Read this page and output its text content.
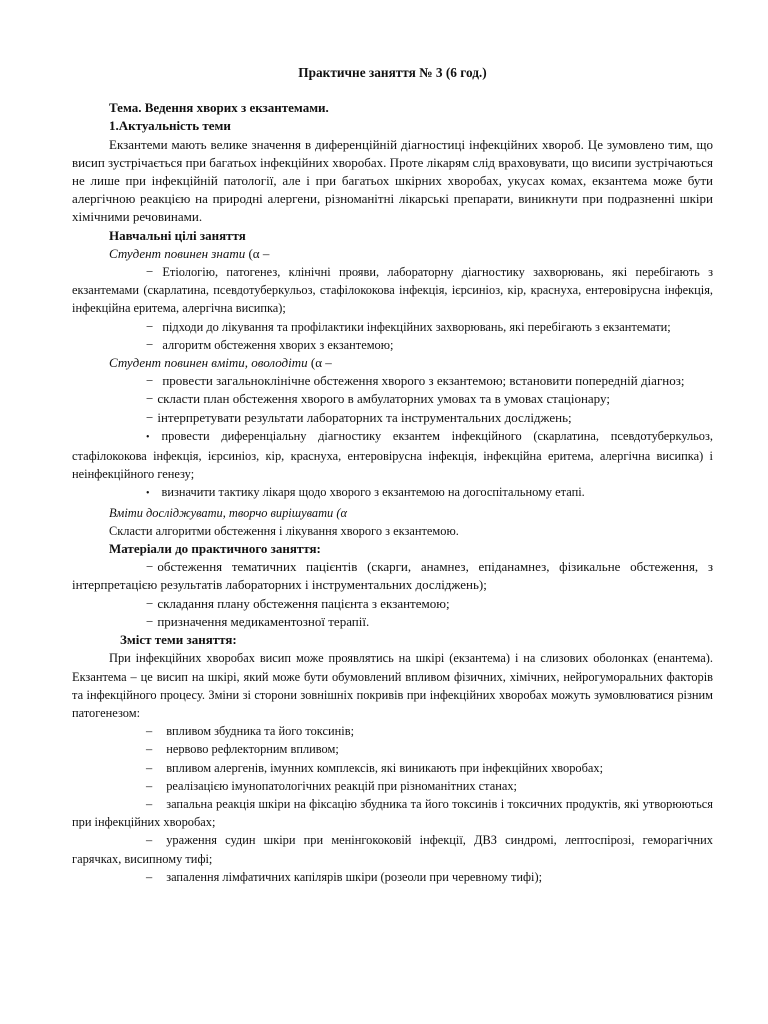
Практичне заняття № 3 (6 год.)

Тема. Ведення хворих з екзантемами.

1.Актуальність теми

Екзантеми мають велике значення в диференційній діагностиці інфекційних хвороб. Це зумовлено тим, що висип зустрічається при багатьох інфекційних хворобах. Проте лікарям слід враховувати, що висипи зустрічаються не лише при інфекційній патології, але і при багатьох шкірних хворобах, укусах комах, екзантема може бути алергічною реакцією на природні алергени, різноманітні лікарські препарати, виникнути при подразненні шкіри хімічними речовинами.

Навчальні цілі заняття

Студент повинен знати (α –

− Етіологію, патогенез, клінічні прояви, лабораторну діагностику захворювань, які перебігають з екзантемами (скарлатина, псевдотуберкульоз, стафілококова інфекція, ієрсиніоз, кір, краснуха, ентеровірусна інфекція, інфекційна еритема, алергічна висипка);

− підходи до лікування та профілактики інфекційних захворювань, які перебігають з екзантемати;

− алгоритм обстеження хворих з екзантемою;

Студент повинен вміти, оволодіти (α –

− провести загальноклінічне обстеження хворого з екзантемою; встановити попередній діагноз;

− скласти план обстеження хворого в амбулаторних умовах та в умовах стаціонару;

− інтерпретувати результати лабораторних та інструментальних досліджень;

• провести диференціальну діагностику екзантем інфекційного (скарлатина, псевдотуберкульоз, стафілококова інфекція, ієрсиніоз, кір, краснуха, ентеровірусна інфекція, інфекційна еритема, алергічна висипка) і неінфекційного генезу;

• визначити тактику лікаря щодо хворого з екзантемою на догоспітальному етапі.

Вміти досліджувати, творчо вирішувати (α

Скласти алгоритми обстеження і лікування хворого з екзантемою.

Матеріали до практичного заняття:

− обстеження тематичних пацієнтів (скарги, анамнез, епіданамнез, фізикальне обстеження, з інтерпретацією результатів лабораторних і інструментальних досліджень);

− складання плану обстеження пацієнта з екзантемою;

− призначення медикаментозної терапії.

Зміст теми заняття:

При інфекційних хворобах висип може проявлятись на шкірі (екзантема) і на слизових оболонках (енантема). Екзантема – це висип на шкірі, який може бути обумовлений впливом фізичних, хімічних, нейрогуморальних факторів та інфекційного процесу. Зміни зі сторони зовнішніх покривів при інфекційних хворобах можуть зумовлюватися різним патогенезом:

– впливом збудника та його токсинів;

– нервово рефлекторним впливом;

– впливом алергенів, імунних комплексів, які виникають при інфекційних хворобах;

– реалізацією імунопатологічних реакцій при різноманітних станах;

– запальна реакція шкіри на фіксацію збудника та його токсинів і токсичних продуктів, які утворюються при інфекційних хворобах;

– ураження судин шкіри при менінгококовій інфекції, ДВЗ синдромі, лептоспірозі, геморагічних гарячках, висипному тифі;

– запалення лімфатичних капілярів шкіри (розеоли при черевному тифі);
